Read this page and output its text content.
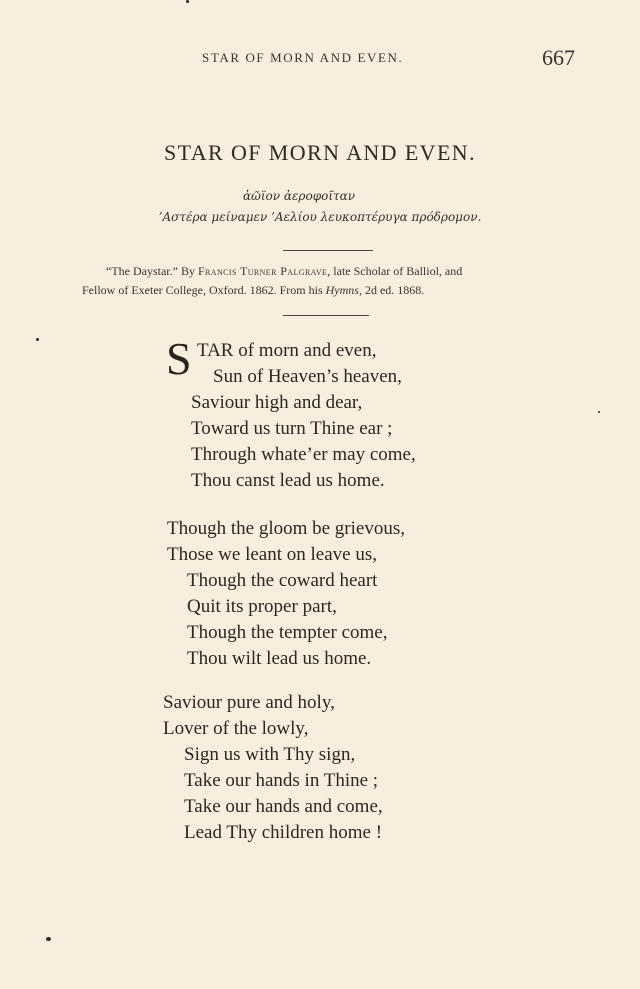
STAR OF MORN AND EVEN.	667
STAR OF MORN AND EVEN.
ἀῶϊον ἀεροφοῖταν
’Αστέρα μείναμεν ’Αελίου λευκοπτέρυγα πρόδρομον.
“The Daystar.” By Francis Turner Palgrave, late Scholar of Balliol, and
Fellow of Exeter College, Oxford. 1862. From his Hymns, 2d ed. 1868.
S TAR of morn and even,
Sun of Heaven’s heaven,
Saviour high and dear,
Toward us turn Thine ear ;
Through whate’er may come,
Thou canst lead us home.
Though the gloom be grievous,
Those we leant on leave us,
Though the coward heart
Quit its proper part,
Though the tempter come,
Thou wilt lead us home.
Saviour pure and holy,
Lover of the lowly,
Sign us with Thy sign,
Take our hands in Thine ;
Take our hands and come,
Lead Thy children home !
